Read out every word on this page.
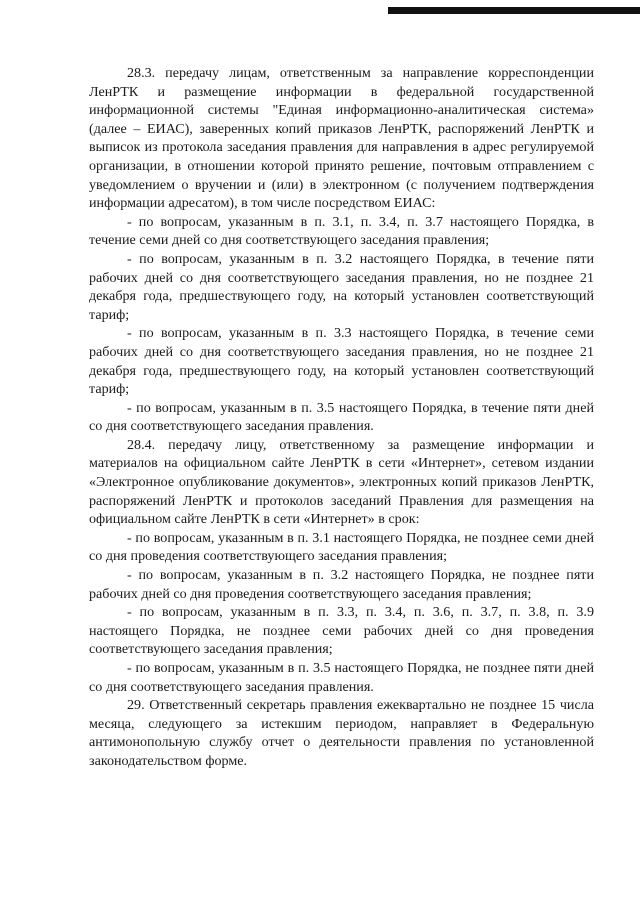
28.3. передачу лицам, ответственным за направление корреспонденции ЛенРТК и размещение информации в федеральной государственной информационной системы "Единая информационно-аналитическая система» (далее – ЕИАС), заверенных копий приказов ЛенРТК, распоряжений ЛенРТК и выписок из протокола заседания правления для направления в адрес регулируемой организации, в отношении которой принято решение, почтовым отправлением с уведомлением о вручении и (или) в электронном (с получением подтверждения информации адресатом), в том числе посредством ЕИАС:

- по вопросам, указанным в п. 3.1, п. 3.4, п. 3.7 настоящего Порядка, в течение семи дней со дня соответствующего заседания правления;

- по вопросам, указанным в п. 3.2 настоящего Порядка, в течение пяти рабочих дней со дня соответствующего заседания правления, но не позднее 21 декабря года, предшествующего году, на который установлен соответствующий тариф;

- по вопросам, указанным в п. 3.3 настоящего Порядка, в течение семи рабочих дней со дня соответствующего заседания правления, но не позднее 21 декабря года, предшествующего году, на который установлен соответствующий тариф;

- по вопросам, указанным в п. 3.5 настоящего Порядка, в течение пяти дней со дня соответствующего заседания правления.

28.4. передачу лицу, ответственному за размещение информации и материалов на официальном сайте ЛенРТК в сети «Интернет», сетевом издании «Электронное опубликование документов», электронных копий приказов ЛенРТК, распоряжений ЛенРТК и протоколов заседаний Правления для размещения на официальном сайте ЛенРТК в сети «Интернет» в срок:

- по вопросам, указанным в п. 3.1 настоящего Порядка, не позднее семи дней со дня проведения соответствующего заседания правления;

- по вопросам, указанным в п. 3.2 настоящего Порядка, не позднее пяти рабочих дней со дня проведения соответствующего заседания правления;

- по вопросам, указанным в п. 3.3, п. 3.4, п. 3.6, п. 3.7, п. 3.8, п. 3.9 настоящего Порядка, не позднее семи рабочих дней со дня проведения соответствующего заседания правления;

- по вопросам, указанным в п. 3.5 настоящего Порядка, не позднее пяти дней со дня соответствующего заседания правления.

29. Ответственный секретарь правления ежеквартально не позднее 15 числа месяца, следующего за истекшим периодом, направляет в Федеральную антимонопольную службу отчет о деятельности правления по установленной законодательством форме.
